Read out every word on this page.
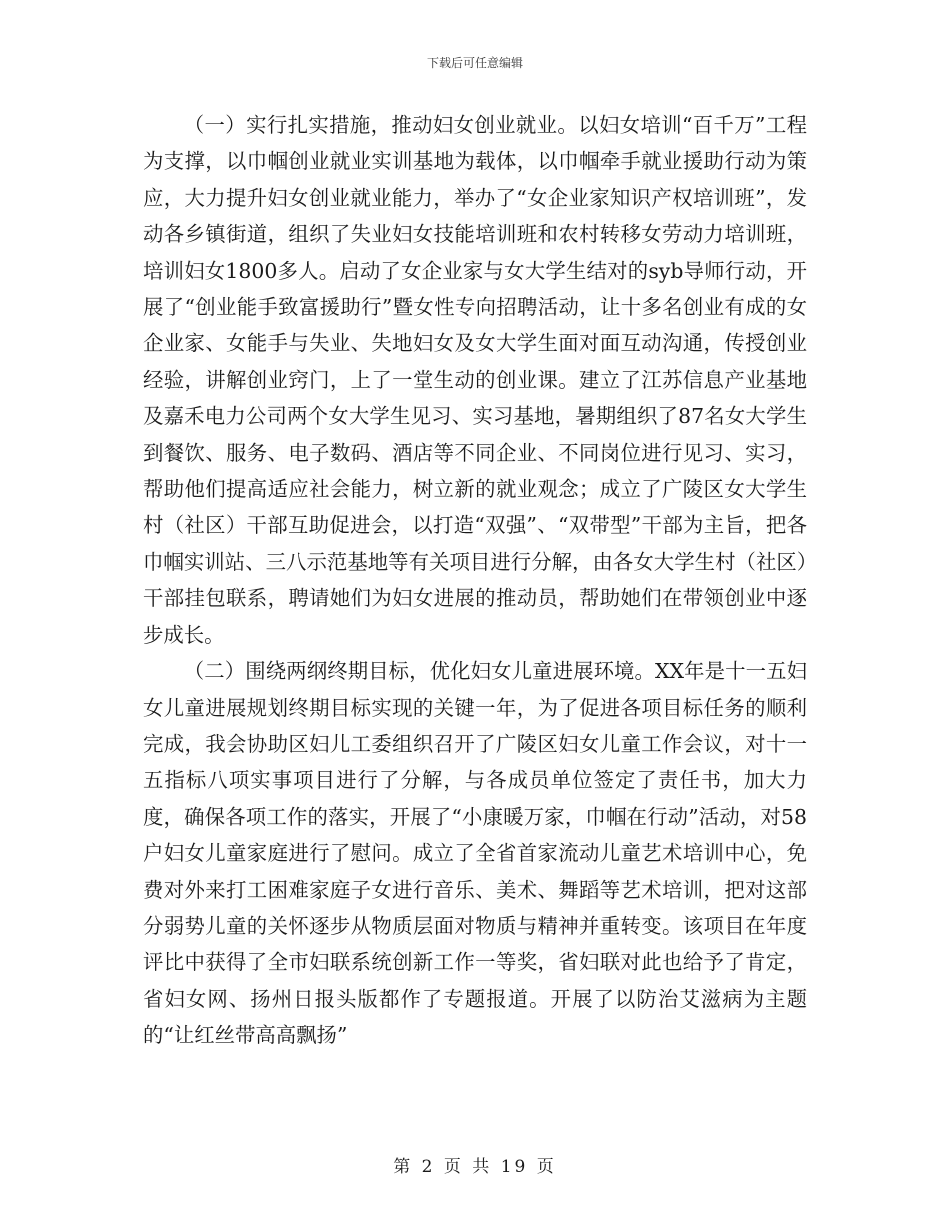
下载后可任意编辑

（一）实行扎实措施，推动妇女创业就业。以妇女培训“百千万”工程为支撑，以巾帼创业就业实训基地为载体，以巾帼牵手就业援助行动为策应，大力提升妇女创业就业能力，举办了“女企业家知识产权培训班”，发动各乡镇街道，组织了失业妇女技能培训班和农村转移女劳动力培训班，培训妇女1800多人。启动了女企业家与女大学生结对的syb导师行动，开展了“创业能手致富援助行”暨女性专向招聘活动，让十多名创业有成的女企业家、女能手与失业、失地妇女及女大学生面对面互动沟通，传授创业经验，讲解创业窍门，上了一堂生动的创业课。建立了江苏信息产业基地及嘉禾电力公司两个女大学生见习、实习基地，暑期组织了87名女大学生到餐饮、服务、电子数码、酒店等不同企业、不同岗位进行见习、实习，帮助他们提高适应社会能力，树立新的就业观念；成立了广陵区女大学生村（社区）干部互助促进会，以打造“双强”、“双带型”干部为主旨，把各巾帼实训站、三八示范基地等有关项目进行分解，由各女大学生村（社区）干部挂包联系，聘请她们为妇女进展的推动员，帮助她们在带领创业中逐步成长。

（二）围绕两纲终期目标，优化妇女儿童进展环境。XX年是十一五妇女儿童进展规划终期目标实现的关键一年，为了促进各项目标任务的顺利完成，我会协助区妇儿工委组织召开了广陵区妇女儿童工作会议，对十一五指标八项实事项目进行了分解，与各成员单位签定了责任书，加大力度，确保各项工作的落实，开展了“小康暖万家，巾帼在行动”活动，对58户妇女儿童家庭进行了慰问。成立了全省首家流动儿童艺术培训中心，免费对外来打工困难家庭子女进行音乐、美术、舞蹈等艺术培训，把对这部分弱势儿童的关怀逐步从物质层面对物质与精神并重转变。该项目在年度评比中获得了全市妇联系统创新工作一等奖，省妇联对此也给予了肯定，省妇女网、扬州日报头版都作了专题报道。开展了以防治艾滋病为主题的“让红丝带高高飘扬”

第 2 页 共 19 页
